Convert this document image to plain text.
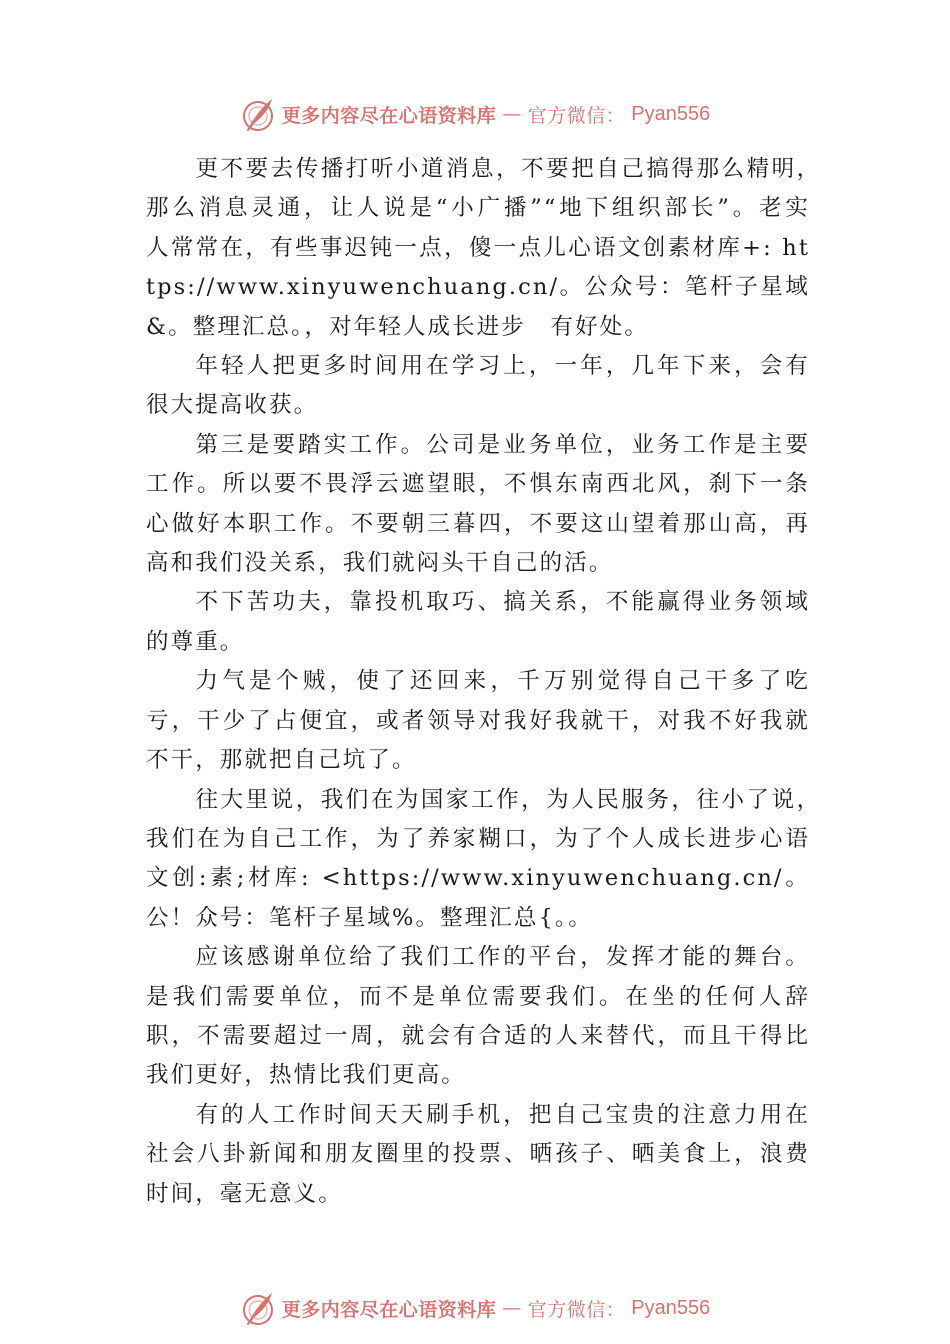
更多内容尽在心语资料库 — 官方微信： Pyan556

更不要去传播打听小道消息，不要把自己搞得那么精明，　那么消息灵通，让人说是“小广播”“地下组织部长”。老实　人常常在，有些事迟钝一点，傻一点儿心语文创素材库+: https://www.xinyuwenchuang.cn/。公众号：笔杆子星域&。整理汇总。，对年轻人成长进步　有好处。

年轻人把更多时间用在学习上，一年，几年下来，会有很大提高收获。

第三是要踏实工作。公司是业务单位，业务工作是主要工作。所以要不畏浮云遮望眼，不惧东南西北风，刹下一条心做好本职工作。不要朝三暮四，不要这山望着那山高，再高和我们没关系，我们就闷头干自己的活。

不下苦功夫，靠投机取巧、搞关系，不能赢得业务领域的尊重。

力气是个贼，使了还回来，千万别觉得自己干多了吃亏，干少了占便宜，或者领导对我好我就干，对我不好我就不干，那就把自己坑了。

往大里说，我们在为国家工作，为人民服务，往小了说，　我们在为自己工作，为了养家糊口，为了个人成长进步心语文创:素;材库: <https://www.xinyuwenchuang.cn/。公！众号：笔杆子星域%。整理汇总{。。

应该感谢单位给了我们工作的平台，发挥才能的舞台。是我们需要单位，而不是单位需要我们。在坐的任何人辞职，不需要超过一周，就会有合适的人来替代，而且干得比我们更好，热情比我们更高。

有的人工作时间天天刷手机，把自己宝贵的注意力用在社会八卦新闻和朋友圈里的投票、晒孩子、晒美食上，浪费时间，毫无意义。

更多内容尽在心语资料库 — 官方微信： Pyan556
